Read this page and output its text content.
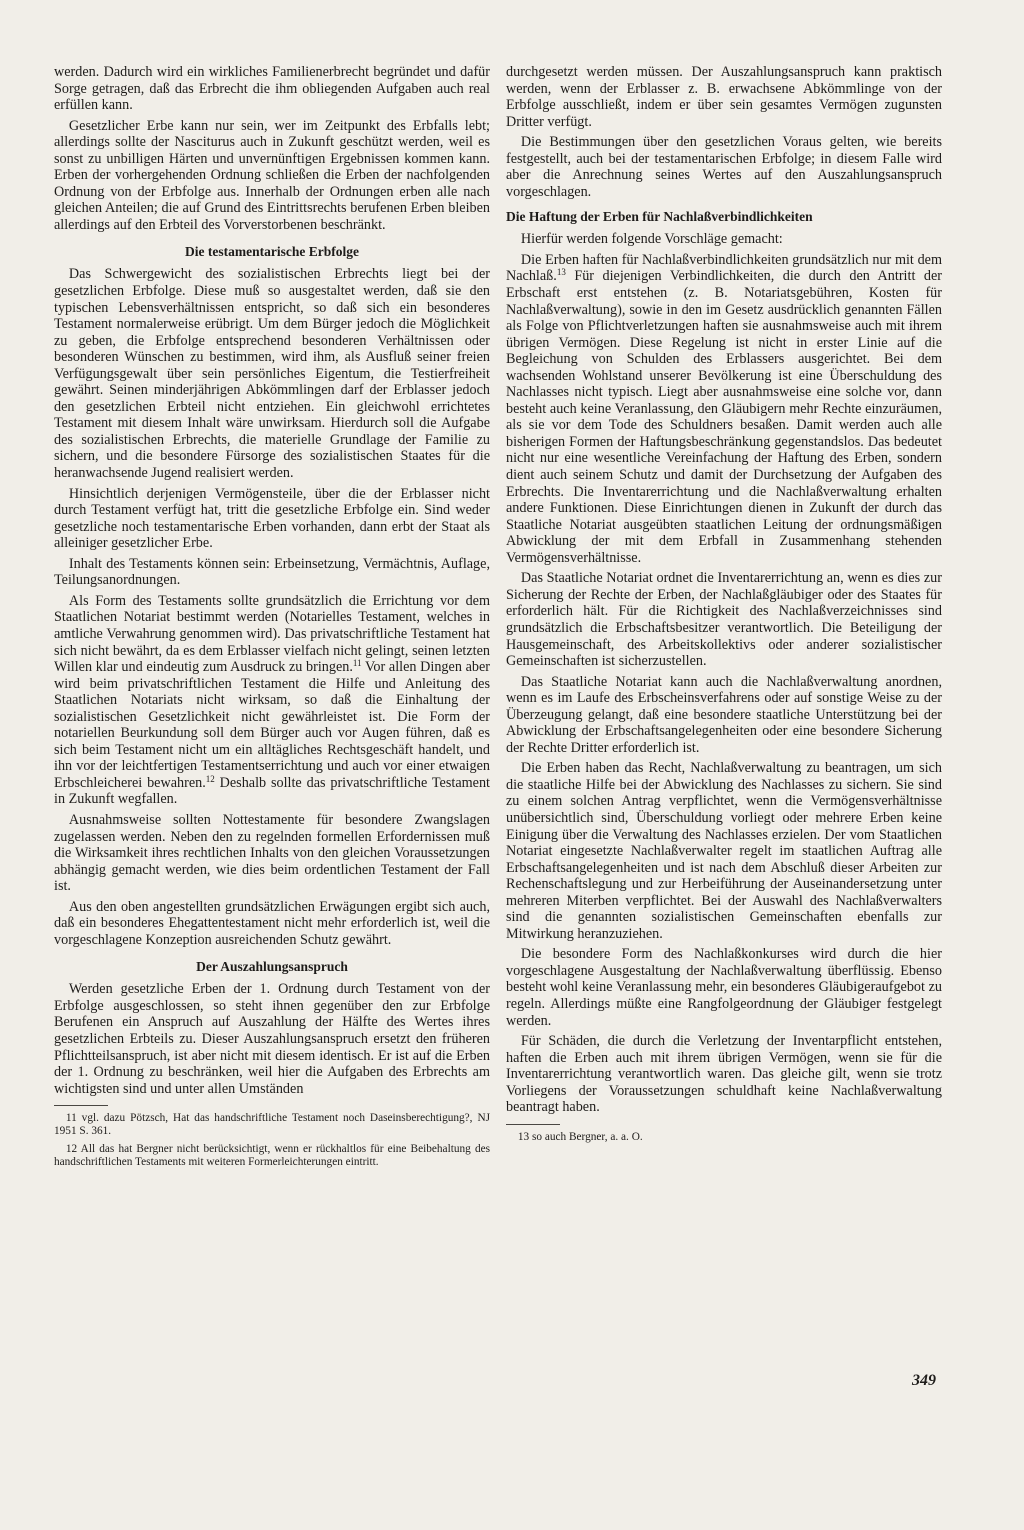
werden. Dadurch wird ein wirkliches Familienerbrecht begründet und dafür Sorge getragen, daß das Erbrecht die ihm obliegenden Aufgaben auch real erfüllen kann.

Gesetzlicher Erbe kann nur sein, wer im Zeitpunkt des Erbfalls lebt; allerdings sollte der Nasciturus auch in Zukunft geschützt werden, weil es sonst zu unbilligen Härten und unvernünftigen Ergebnissen kommen kann. Erben der vorhergehenden Ordnung schließen die Erben der nachfolgenden Ordnung von der Erbfolge aus. Innerhalb der Ordnungen erben alle nach gleichen Anteilen; die auf Grund des Eintrittsrechts berufenen Erben bleiben allerdings auf den Erbteil des Vorverstorbenen beschränkt.

Die testamentarische Erbfolge

Das Schwergewicht des sozialistischen Erbrechts liegt bei der gesetzlichen Erbfolge. Diese muß so ausgestaltet werden, daß sie den typischen Lebensverhältnissen entspricht, so daß sich ein besonderes Testament normalerweise erübrigt. Um dem Bürger jedoch die Möglichkeit zu geben, die Erbfolge entsprechend besonderen Verhältnissen oder besonderen Wünschen zu bestimmen, wird ihm, als Ausfluß seiner freien Verfügungsgewalt über sein persönliches Eigentum, die Testierfreiheit gewährt. Seinen minderjährigen Abkömmlingen darf der Erblasser jedoch den gesetzlichen Erbteil nicht entziehen. Ein gleichwohl errichtetes Testament mit diesem Inhalt wäre unwirksam. Hierdurch soll die Aufgabe des sozialistischen Erbrechts, die materielle Grundlage der Familie zu sichern, und die besondere Fürsorge des sozialistischen Staates für die heranwachsende Jugend realisiert werden.

Hinsichtlich derjenigen Vermögensteile, über die der Erblasser nicht durch Testament verfügt hat, tritt die gesetzliche Erbfolge ein. Sind weder gesetzliche noch testamentarische Erben vorhanden, dann erbt der Staat als alleiniger gesetzlicher Erbe.

Inhalt des Testaments können sein: Erbeinsetzung, Vermächtnis, Auflage, Teilungsanordnungen.

Als Form des Testaments sollte grundsätzlich die Errichtung vor dem Staatlichen Notariat bestimmt werden (Notarielles Testament, welches in amtliche Verwahrung genommen wird). Das privatschriftliche Testament hat sich nicht bewährt, da es dem Erblasser vielfach nicht gelingt, seinen letzten Willen klar und eindeutig zum Ausdruck zu bringen.$^{11}$ Vor allen Dingen aber wird beim privatschriftlichen Testament die Hilfe und Anleitung des Staatlichen Notariats nicht wirksam, so daß die Einhaltung der sozialistischen Gesetzlichkeit nicht gewährleistet ist. Die Form der notariellen Beurkundung soll dem Bürger auch vor Augen führen, daß es sich beim Testament nicht um ein alltägliches Rechtsgeschäft handelt, und ihn vor der leichtfertigen Testamentserrichtung und auch vor einer etwaigen Erbschleicherei bewahren.$^{12}$ Deshalb sollte das privatschriftliche Testament in Zukunft wegfallen.

Ausnahmsweise sollten Nottestamente für besondere Zwangslagen zugelassen werden. Neben den zu regelnden formellen Erfordernissen muß die Wirksamkeit ihres rechtlichen Inhalts von den gleichen Voraussetzungen abhängig gemacht werden, wie dies beim ordentlichen Testament der Fall ist.

Aus den oben angestellten grundsätzlichen Erwägungen ergibt sich auch, daß ein besonderes Ehegattentestament nicht mehr erforderlich ist, weil die vorgeschlagene Konzeption ausreichenden Schutz gewährt.

Der Auszahlungsanspruch

Werden gesetzliche Erben der 1. Ordnung durch Testament von der Erbfolge ausgeschlossen, so steht ihnen gegenüber den zur Erbfolge Berufenen ein Anspruch auf Auszahlung der Hälfte des Wertes ihres gesetzlichen Erbteils zu. Dieser Auszahlungsanspruch ersetzt den früheren Pflichtteilsanspruch, ist aber nicht mit diesem identisch. Er ist auf die Erben der 1. Ordnung zu beschränken, weil hier die Aufgaben des Erbrechts am wichtigsten sind und unter allen Umständen

11 vgl. dazu Pötzsch, Hat das handschriftliche Testament noch Daseinsberechtigung?, NJ 1951 S. 361.

12 All das hat Bergner nicht berücksichtigt, wenn er rückhaltlos für eine Beibehaltung des handschriftlichen Testaments mit weiteren Formerleichterungen eintritt.

durchgesetzt werden müssen. Der Auszahlungsanspruch kann praktisch werden, wenn der Erblasser z. B. erwachsene Abkömmlinge von der Erbfolge ausschließt, indem er über sein gesamtes Vermögen zugunsten Dritter verfügt.

Die Bestimmungen über den gesetzlichen Voraus gelten, wie bereits festgestellt, auch bei der testamentarischen Erbfolge; in diesem Falle wird aber die Anrechnung seines Wertes auf den Auszahlungsanspruch vorgeschlagen.

Die Haftung der Erben für Nachlaßverbindlichkeiten

Hierfür werden folgende Vorschläge gemacht:

Die Erben haften für Nachlaßverbindlichkeiten grundsätzlich nur mit dem Nachlaß.$^{13}$ Für diejenigen Verbindlichkeiten, die durch den Antritt der Erbschaft erst entstehen (z. B. Notariatsgebühren, Kosten für Nachlaßverwaltung), sowie in den im Gesetz ausdrücklich genannten Fällen als Folge von Pflichtverletzungen haften sie ausnahmsweise auch mit ihrem übrigen Vermögen. Diese Regelung ist nicht in erster Linie auf die Begleichung von Schulden des Erblassers ausgerichtet. Bei dem wachsenden Wohlstand unserer Bevölkerung ist eine Überschuldung des Nachlasses nicht typisch. Liegt aber ausnahmsweise eine solche vor, dann besteht auch keine Veranlassung, den Gläubigern mehr Rechte einzuräumen, als sie vor dem Tode des Schuldners besaßen. Damit werden auch alle bisherigen Formen der Haftungsbeschränkung gegenstandslos. Das bedeutet nicht nur eine wesentliche Vereinfachung der Haftung des Erben, sondern dient auch seinem Schutz und damit der Durchsetzung der Aufgaben des Erbrechts. Die Inventarerrichtung und die Nachlaßverwaltung erhalten andere Funktionen. Diese Einrichtungen dienen in Zukunft der durch das Staatliche Notariat ausgeübten staatlichen Leitung der ordnungsmäßigen Abwicklung der mit dem Erbfall in Zusammenhang stehenden Vermögensverhältnisse.

Das Staatliche Notariat ordnet die Inventarerrichtung an, wenn es dies zur Sicherung der Rechte der Erben, der Nachlaßgläubiger oder des Staates für erforderlich hält. Für die Richtigkeit des Nachlaßverzeichnisses sind grundsätzlich die Erbschaftsbesitzer verantwortlich. Die Beteiligung der Hausgemeinschaft, des Arbeitskollektivs oder anderer sozialistischer Gemeinschaften ist sicherzustellen.

Das Staatliche Notariat kann auch die Nachlaßverwaltung anordnen, wenn es im Laufe des Erbscheinsverfahrens oder auf sonstige Weise zu der Überzeugung gelangt, daß eine besondere staatliche Unterstützung bei der Abwicklung der Erbschaftsangelegenheiten oder eine besondere Sicherung der Rechte Dritter erforderlich ist.

Die Erben haben das Recht, Nachlaßverwaltung zu beantragen, um sich die staatliche Hilfe bei der Abwicklung des Nachlasses zu sichern. Sie sind zu einem solchen Antrag verpflichtet, wenn die Vermögensverhältnisse unübersichtlich sind, Überschuldung vorliegt oder mehrere Erben keine Einigung über die Verwaltung des Nachlasses erzielen. Der vom Staatlichen Notariat eingesetzte Nachlaßverwalter regelt im staatlichen Auftrag alle Erbschaftsangelegenheiten und ist nach dem Abschluß dieser Arbeiten zur Rechenschaftslegung und zur Herbeiführung der Auseinandersetzung unter mehreren Miterben verpflichtet. Bei der Auswahl des Nachlaßverwalters sind die genannten sozialistischen Gemeinschaften ebenfalls zur Mitwirkung heranzuziehen.

Die besondere Form des Nachlaßkonkurses wird durch die hier vorgeschlagene Ausgestaltung der Nachlaßverwaltung überflüssig. Ebenso besteht wohl keine Veranlassung mehr, ein besonderes Gläubigeraufgebot zu regeln. Allerdings müßte eine Rangfolgeordnung der Gläubiger festgelegt werden.

Für Schäden, die durch die Verletzung der Inventarpflicht entstehen, haften die Erben auch mit ihrem übrigen Vermögen, wenn sie für die Inventarerrichtung verantwortlich waren. Das gleiche gilt, wenn sie trotz Vorliegens der Voraussetzungen schuldhaft keine Nachlaßverwaltung beantragt haben.

13 so auch Bergner, a. a. O.

349
